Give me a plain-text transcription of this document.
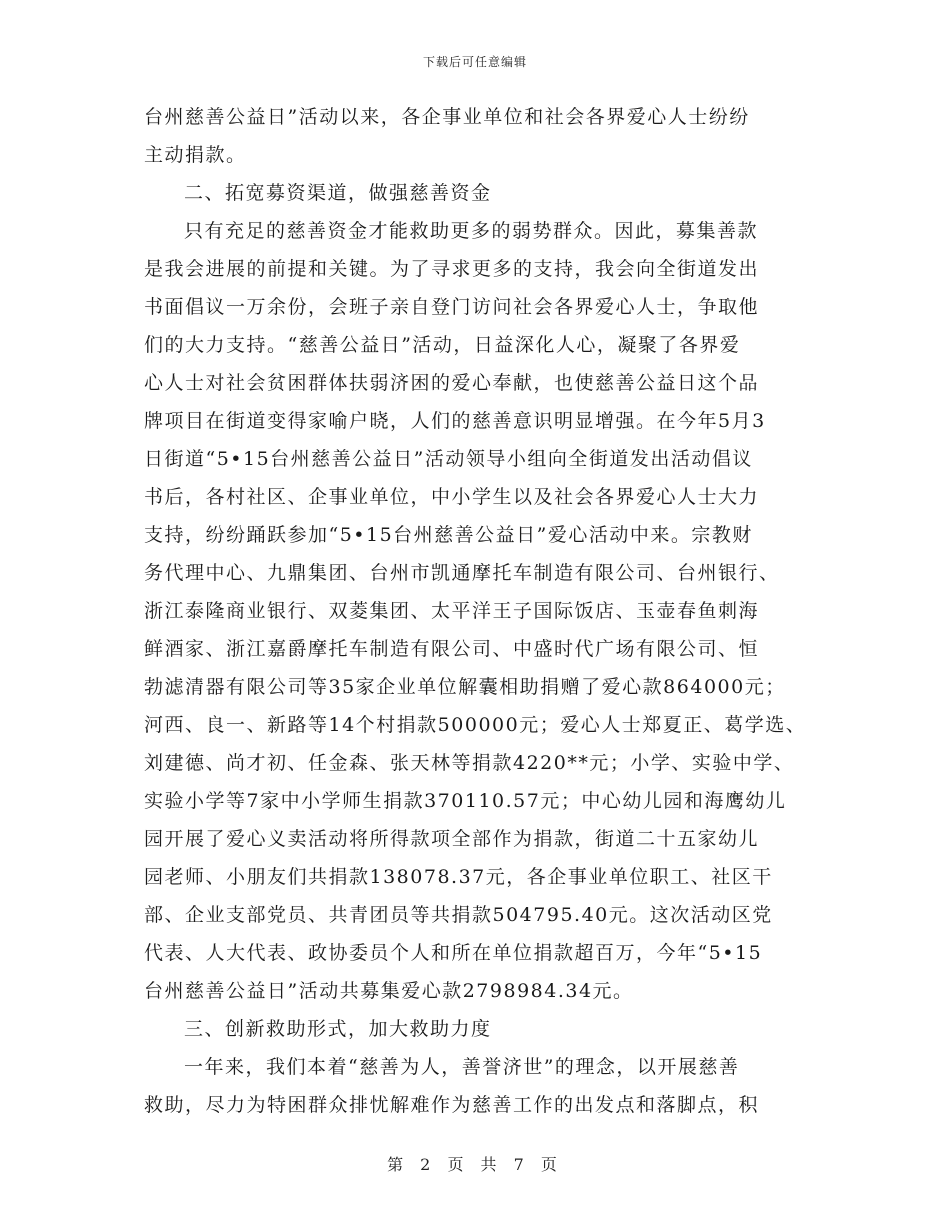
下载后可任意编辑
台州慈善公益日”活动以来，各企事业单位和社会各界爱心人士纷纷
主动捐款。
二、拓宽募资渠道，做强慈善资金
只有充足的慈善资金才能救助更多的弱势群众。因此，募集善款
是我会进展的前提和关键。为了寻求更多的支持，我会向全街道发出
书面倡议一万余份，会班子亲自登门访问社会各界爱心人士，争取他
们的大力支持。“慈善公益日”活动，日益深化人心，凝聚了各界爱
心人士对社会贫困群体扶弱济困的爱心奉献，也使慈善公益日这个品
牌项目在街道变得家喻户晓，人们的慈善意识明显增强。在今年5月3
日街道“5•15台州慈善公益日”活动领导小组向全街道发出活动倡议
书后，各村社区、企事业单位，中小学生以及社会各界爱心人士大力
支持，纷纷踊跃参加“5•15台州慈善公益日”爱心活动中来。宗教财
务代理中心、九鼎集团、台州市凯通摩托车制造有限公司、台州银行、
浙江泰隆商业银行、双菱集团、太平洋王子国际饭店、玉壶春鱼刺海
鲜酒家、浙江嘉爵摩托车制造有限公司、中盛时代广场有限公司、恒
勃滤清器有限公司等35家企业单位解囊相助捐赠了爱心款864000元；
河西、良一、新路等14个村捐款500000元；爱心人士郑夏正、葛学选、
刘建德、尚才初、任金森、张天林等捐款4220**元；小学、实验中学、
实验小学等7家中小学师生捐款370110.57元；中心幼儿园和海鹰幼儿
园开展了爱心义卖活动将所得款项全部作为捐款，街道二十五家幼儿
园老师、小朋友们共捐款138078.37元，各企事业单位职工、社区干
部、企业支部党员、共青团员等共捐款504795.40元。这次活动区党
代表、人大代表、政协委员个人和所在单位捐款超百万，今年“5•15
台州慈善公益日”活动共募集爱心款2798984.34元。
三、创新救助形式，加大救助力度
一年来，我们本着“慈善为人，善誉济世”的理念，以开展慈善
救助，尽力为特困群众排忧解难作为慈善工作的出发点和落脚点，积
第 2 页 共 7 页
